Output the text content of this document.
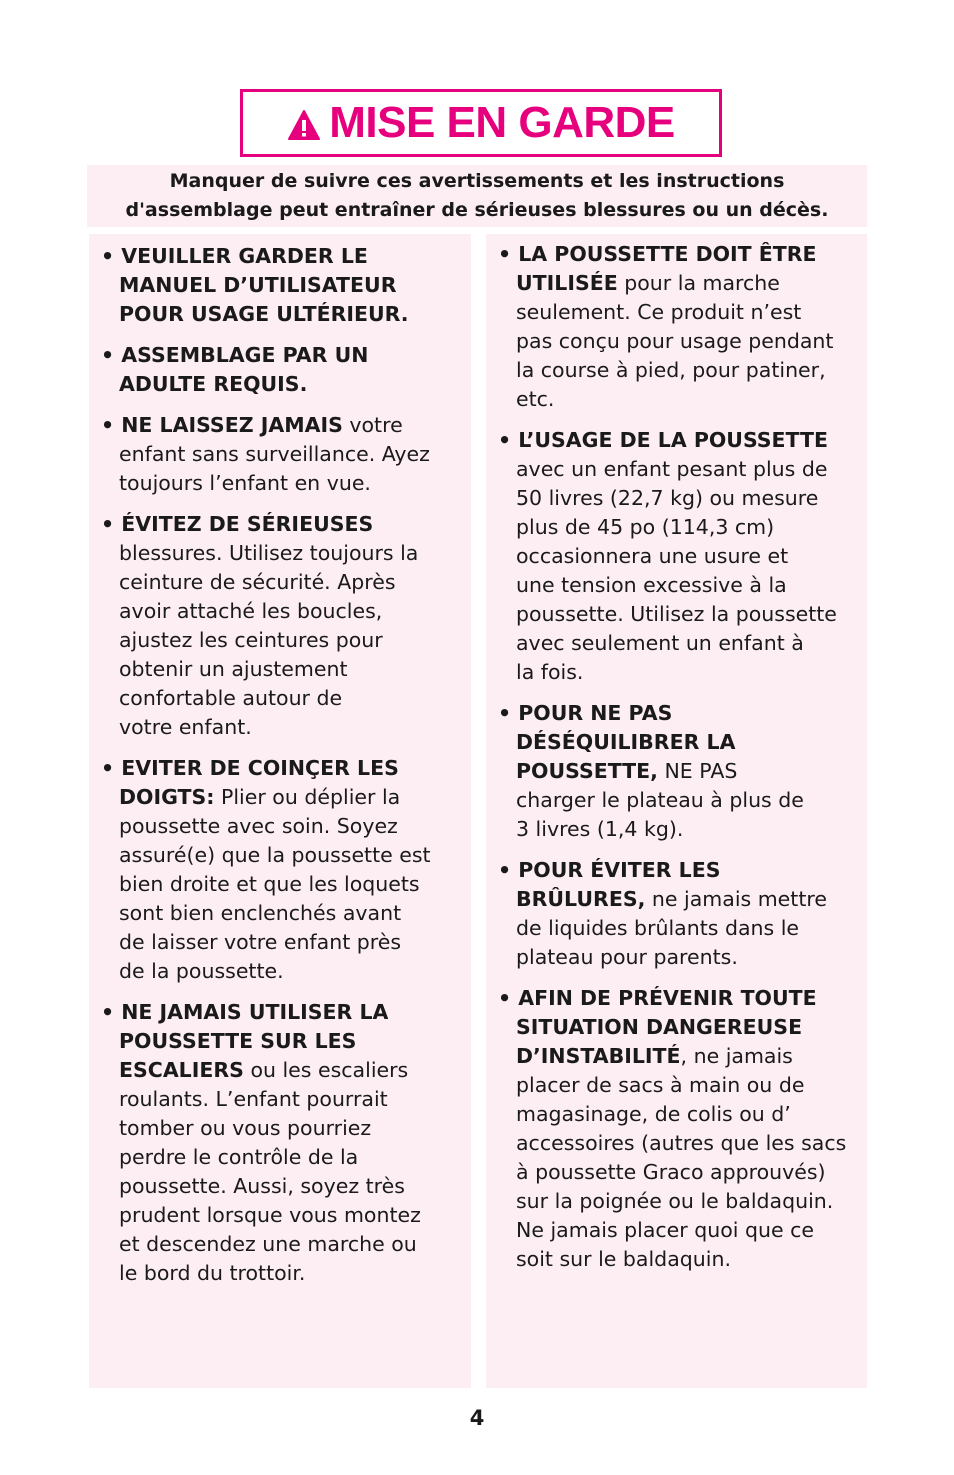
MISE EN GARDE
Manquer de suivre ces avertissements et les instructions
d'assemblage peut entraîner de sérieuses blessures ou un décès.
• VEUILLER GARDER LE
MANUEL D’UTILISATEUR
POUR USAGE ULTÉRIEUR.
• ASSEMBLAGE PAR UN
ADULTE REQUIS.
• NE LAISSEZ JAMAIS votre
enfant sans surveillance. Ayez
toujours l’enfant en vue.
• ÉVITEZ DE SÉRIEUSES
blessures. Utilisez toujours la
ceinture de sécurité. Après
avoir attaché les boucles,
ajustez les ceintures pour
obtenir un ajustement
confortable autour de
votre enfant.
• EVITER DE COINÇER LES
DOIGTS: Plier ou déplier la
poussette avec soin. Soyez
assuré(e) que la poussette est
bien droite et que les loquets
sont bien enclenchés avant
de laisser votre enfant près
de la poussette.
• NE JAMAIS UTILISER LA
POUSSETTE SUR LES
ESCALIERS ou les escaliers
roulants. L’enfant pourrait
tomber ou vous pourriez
perdre le contrôle de la
poussette. Aussi, soyez très
prudent lorsque vous montez
et descendez une marche ou
le bord du trottoir.
• LA POUSSETTE DOIT ÊTRE
UTILISÉE pour la marche
seulement. Ce produit n’est
pas conçu pour usage pendant
la course à pied, pour patiner,
etc.
• L’USAGE DE LA POUSSETTE
avec un enfant pesant plus de
50 livres (22,7 kg) ou mesure
plus de 45 po (114,3 cm)
occasionnera une usure et
une tension excessive à la
poussette. Utilisez la poussette
avec seulement un enfant à
la fois.
• POUR NE PAS
DÉSÉQUILIBRER LA
POUSSETTE, NE PAS
charger le plateau à plus de
3 livres (1,4 kg).
• POUR ÉVITER LES
BRÛLURES, ne jamais mettre
de liquides brûlants dans le
plateau pour parents.
• AFIN DE PRÉVENIR TOUTE
SITUATION DANGEREUSE
D’INSTABILITÉ, ne jamais
placer de sacs à main ou de
magasinage, de colis ou d’
accessoires (autres que les sacs
à poussette Graco approuvés)
sur la poignée ou le baldaquin.
Ne jamais placer quoi que ce
soit sur le baldaquin.
4
